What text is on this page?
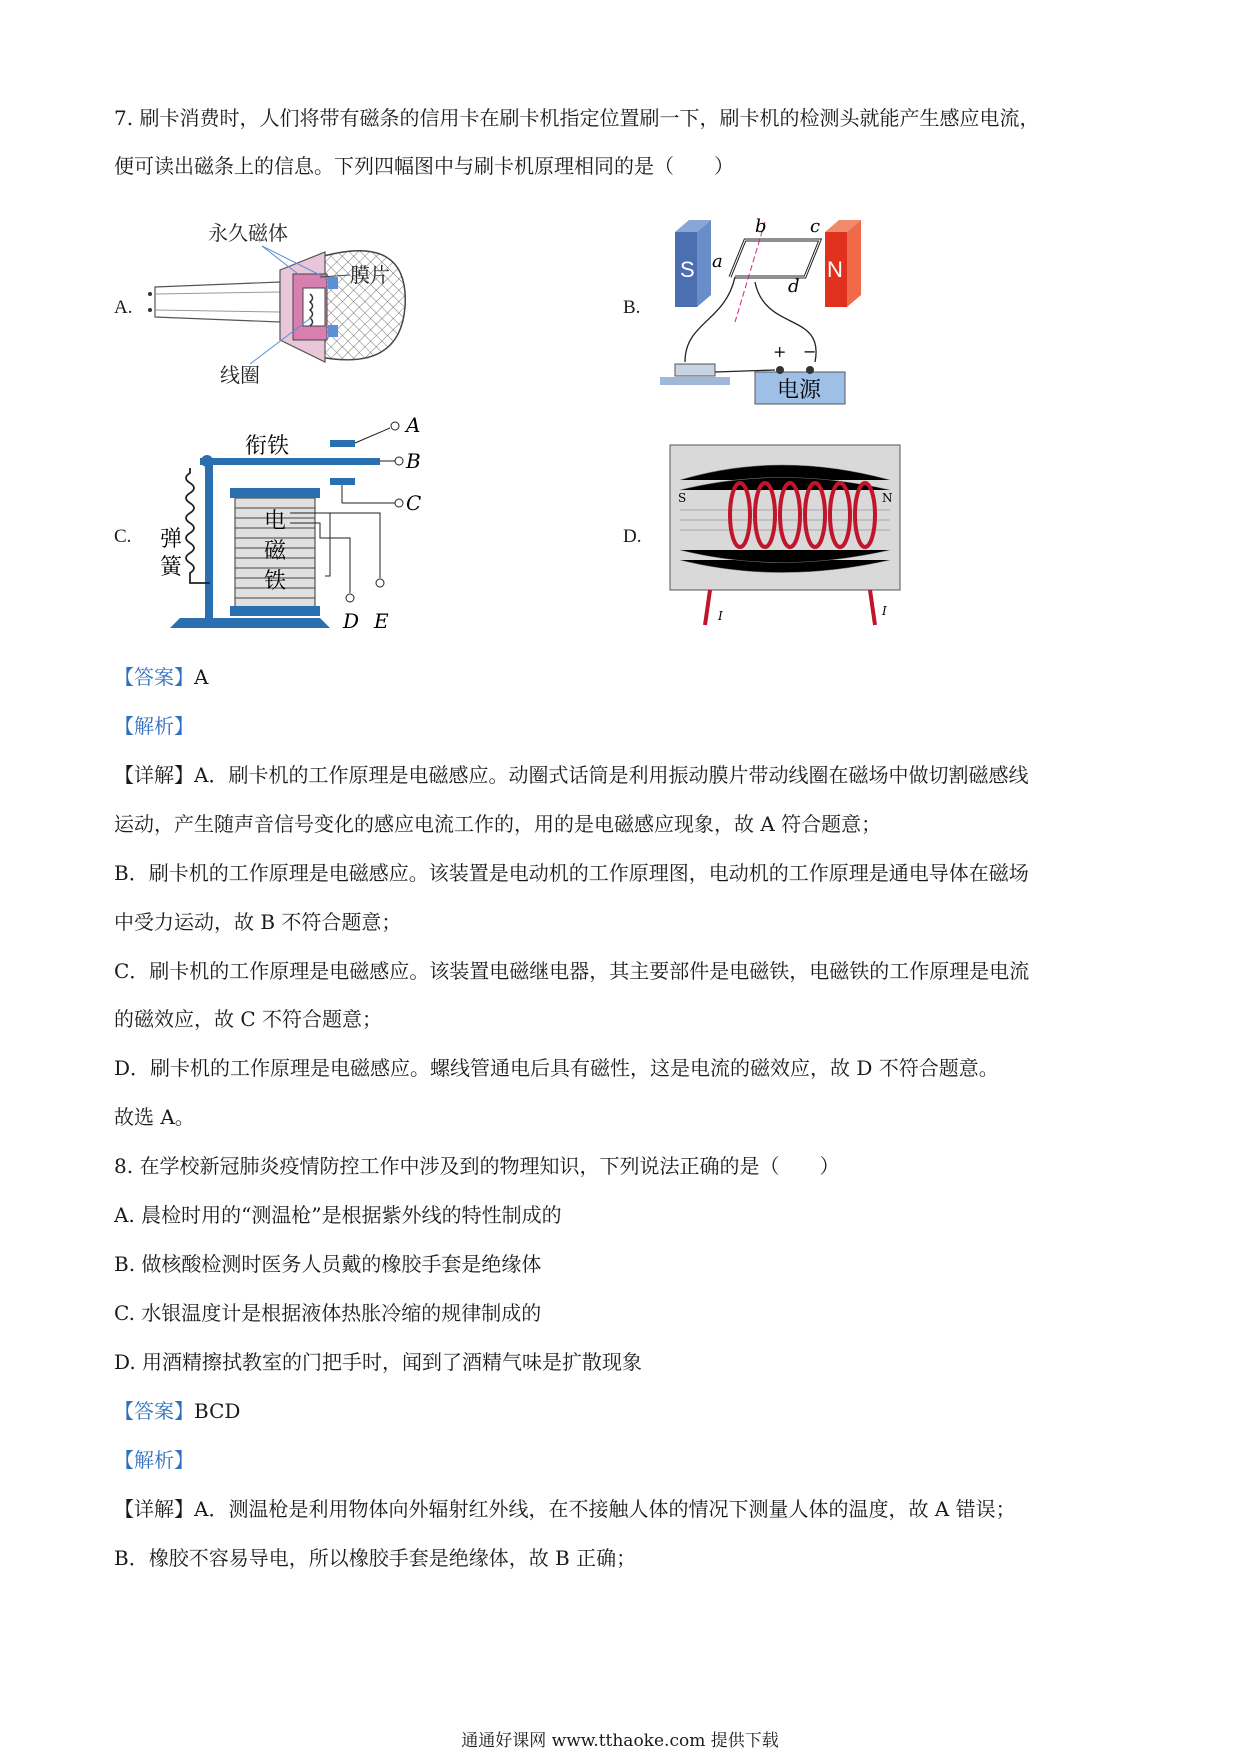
7. 刷卡消费时，人们将带有磁条的信用卡在刷卡机指定位置刷一下，刷卡机的检测头就能产生感应电流，
便可读出磁条上的信息。下列四幅图中与刷卡机原理相同的是（　　）
A.	B.
C.	D.
永久磁体
膜片
线圈
S	N
a
b c
d
电源
+ −
电
磁
铁
弹
簧
衔铁
A
B
C
D E
S	N
I	I
【答案】A
【解析】
【详解】A．刷卡机的工作原理是电磁感应。动圈式话筒是利用振动膜片带动线圈在磁场中做切割磁感线
运动，产生随声音信号变化的感应电流工作的，用的是电磁感应现象，故 A 符合题意；
B．刷卡机的工作原理是电磁感应。该装置是电动机的工作原理图，电动机的工作原理是通电导体在磁场
中受力运动，故 B 不符合题意；
C．刷卡机的工作原理是电磁感应。该装置电磁继电器，其主要部件是电磁铁，电磁铁的工作原理是电流
的磁效应，故 C 不符合题意；
D．刷卡机的工作原理是电磁感应。螺线管通电后具有磁性，这是电流的磁效应，故 D 不符合题意。
故选 A。
8. 在学校新冠肺炎疫情防控工作中涉及到的物理知识，下列说法正确的是（　　）
A. 晨检时用的“测温枪”是根据紫外线的特性制成的
B. 做核酸检测时医务人员戴的橡胶手套是绝缘体
C. 水银温度计是根据液体热胀冷缩的规律制成的
D. 用酒精擦拭教室的门把手时，闻到了酒精气味是扩散现象
【答案】BCD
【解析】
【详解】A．测温枪是利用物体向外辐射红外线，在不接触人体的情况下测量人体的温度，故 A 错误；
B．橡胶不容易导电，所以橡胶手套是绝缘体，故 B 正确；
通通好课网 www.tthaoke.com 提供下载
